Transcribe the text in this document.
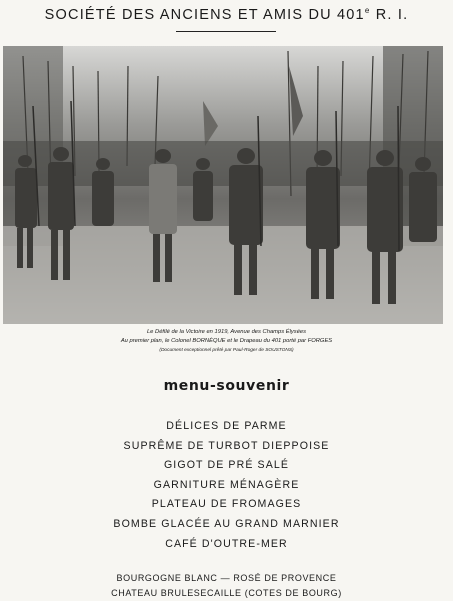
SOCIÉTÉ DES ANCIENS ET AMIS DU 401e R. I.
Le Défilé de la Victoire en 1919, Avenue des Champs Élysées
Au premier plan, le Colonel BORNÈQUE et le Drapeau du 401 porté par FORGES
(Document exceptionnel prêté par Paul-Roger de SOUSTONS)
menu-souvenir
DÉLICES DE PARME
SUPRÊME DE TURBOT DIEPPOISE
GIGOT DE PRÉ SALÉ
GARNITURE MÉNAGÈRE
PLATEAU DE FROMAGES
BOMBE GLACÉE AU GRAND MARNIER
CAFÉ D'OUTRE-MER
BOURGOGNE BLANC — ROSÉ DE PROVENCE
CHATEAU BRULESECAILLE (COTES DE BOURG)
